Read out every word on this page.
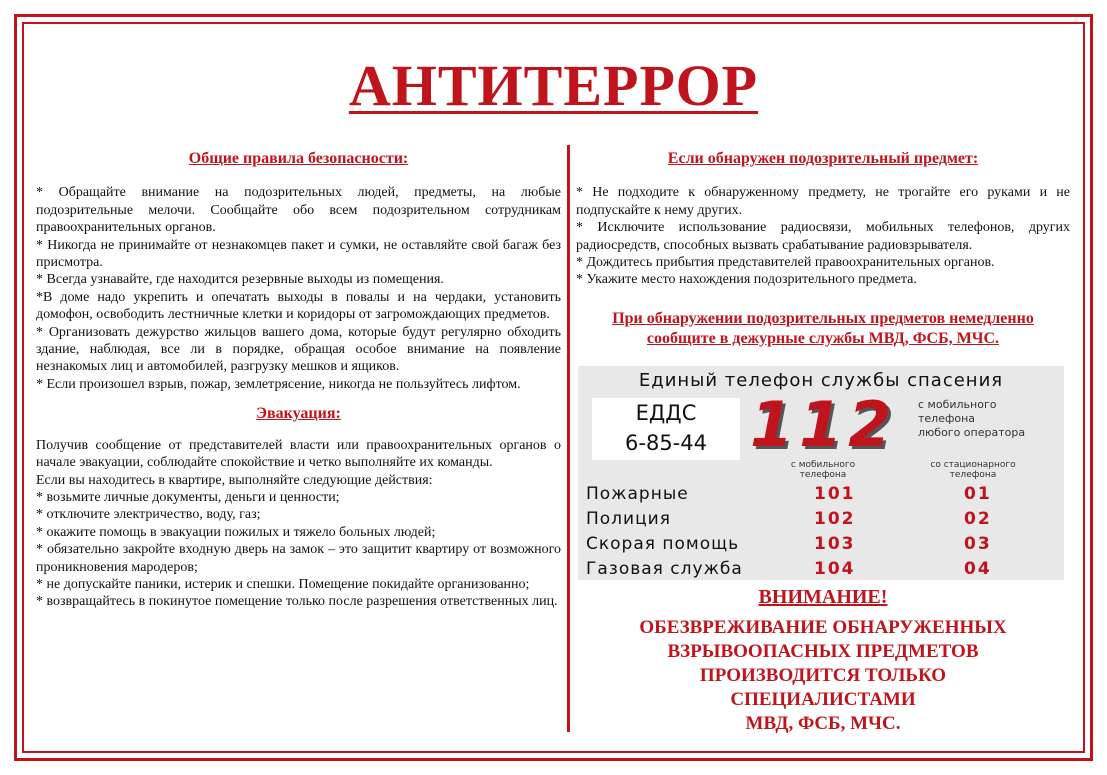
АНТИТЕРРОР
Общие правила безопасности:

* Обращайте внимание на подозрительных людей, предметы, на любые подозрительные мелочи. Сообщайте обо всем подозрительном сотрудникам правоохранительных органов.

* Никогда не принимайте от незнакомцев пакет и сумки, не оставляйте свой багаж без присмотра.

* Всегда узнавайте, где находится резервные выходы из помещения.

*В доме надо укрепить и опечатать выходы в повалы и на чердаки, установить домофон, освободить лестничные клетки и коридоры от загромождающих предметов.

* Организовать дежурство жильцов вашего дома, которые будут регулярно обходить здание, наблюдая, все ли в порядке, обращая особое внимание на появление незнакомых лиц и автомобилей, разгрузку мешков и ящиков.

* Если произошел взрыв, пожар, землетрясение, никогда не пользуйтесь лифтом.

Эвакуация:

Получив сообщение от представителей власти или правоохранительных органов о начале эвакуации, соблюдайте спокойствие и четко выполняйте их команды.

Если вы находитесь в квартире, выполняйте следующие действия:

* возьмите личные документы, деньги и ценности;

* отключите электричество, воду, газ;

* окажите помощь в эвакуации пожилых и тяжело больных людей;

* обязательно закройте входную дверь на замок – это защитит квартиру от возможного проникновения мародеров;

* не допускайте паники, истерик и спешки. Помещение покидайте организованно;

* возвращайтесь в покинутое помещение только после разрешения ответственных лиц.

Если обнаружен подозрительный предмет:

* Не подходите к обнаруженному предмету, не трогайте его руками и не подпускайте к нему других.

* Исключите использование радиосвязи, мобильных телефонов, других радиосредств, способных вызвать срабатывание радиовзрывателя.

* Дождитесь прибытия представителей правоохранительных органов.

* Укажите место нахождения подозрительного предмета.

При обнаружении подозрительных предметов немедленно сообщите в дежурные службы МВД, ФСБ, МЧС.
Единый телефон службы спасения
ЕДДС
6-85-44 112 с мобильного
телефона
любого оператора
с мобильного
телефона
со стационарного
телефона
Пожарные	101	01
Полиция	102	02
Скорая помощь	103	03
Газовая служба	104	04
ВНИМАНИЕ!
ОБЕЗВРЕЖИВАНИЕ ОБНАРУЖЕННЫХ
ВЗРЫВООПАСНЫХ ПРЕДМЕТОВ
ПРОИЗВОДИТСЯ ТОЛЬКО
СПЕЦИАЛИСТАМИ
МВД, ФСБ, МЧС.
